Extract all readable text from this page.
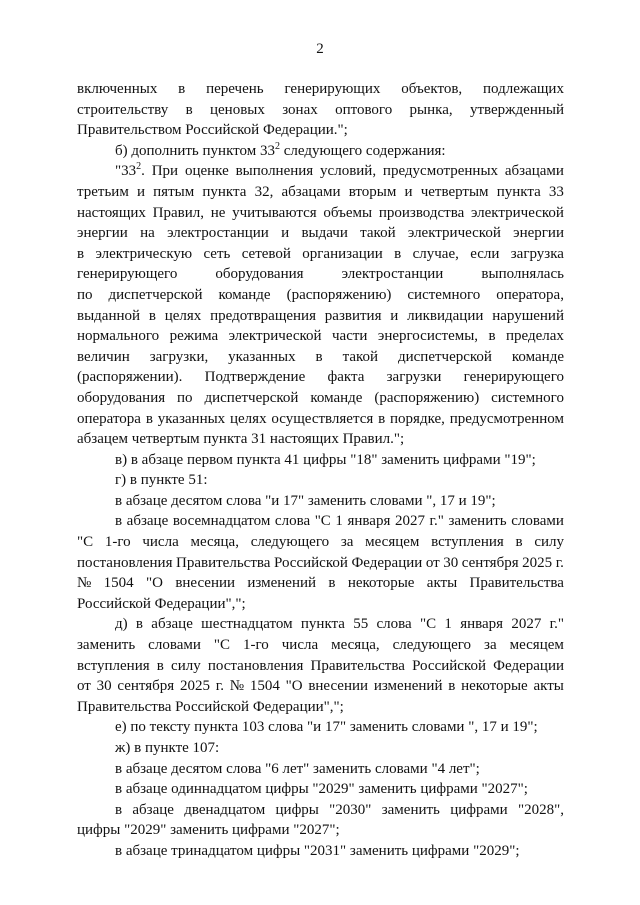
2
включенных в перечень генерирующих объектов, подлежащих
строительству в ценовых зонах оптового рынка, утвержденный
Правительством Российской Федерации.";
б) дополнить пунктом $33^2$ следующего содержания:
"$33^2$. При оценке выполнения условий, предусмотренных абзацами
третьим и пятым пункта 32, абзацами вторым и четвертым пункта 33
настоящих Правил, не учитываются объемы производства электрической
энергии на электростанции и выдачи такой электрической энергии
в электрическую сеть сетевой организации в случае, если загрузка
генерирующего	оборудования	электростанции	выполнялась
по диспетчерской команде (распоряжению) системного оператора,
выданной в целях предотвращения развития и ликвидации нарушений
нормального режима электрической части энергосистемы, в пределах
величин загрузки, указанных в такой диспетчерской команде
(распоряжении). Подтверждение факта загрузки генерирующего
оборудования по диспетчерской команде (распоряжению) системного
оператора в указанных целях осуществляется в порядке, предусмотренном
абзацем четвертым пункта 31 настоящих Правил.";
в) в абзаце первом пункта 41 цифры "18" заменить цифрами "19";
г) в пункте 51:
в абзаце десятом слова "и 17" заменить словами ", 17 и 19";
в абзаце восемнадцатом слова "С 1 января 2027 г." заменить словами
"С 1-го числа месяца, следующего за месяцем вступления в силу
постановления Правительства Российской Федерации от 30 сентября 2025 г.
№ 1504 "О внесении изменений в некоторые акты Правительства
Российской Федерации",";
д) в абзаце шестнадцатом пункта 55 слова "С 1 января 2027 г."
заменить словами "С 1-го числа месяца, следующего за месяцем
вступления в силу постановления Правительства Российской Федерации
от 30 сентября 2025 г. № 1504 "О внесении изменений в некоторые акты
Правительства Российской Федерации",";
е) по тексту пункта 103 слова "и 17" заменить словами ", 17 и 19";
ж) в пункте 107:
в абзаце десятом слова "6 лет" заменить словами "4 лет";
в абзаце одиннадцатом цифры "2029" заменить цифрами "2027";
в абзаце двенадцатом цифры "2030" заменить цифрами "2028",
цифры "2029" заменить цифрами "2027";
в абзаце тринадцатом цифры "2031" заменить цифрами "2029";
